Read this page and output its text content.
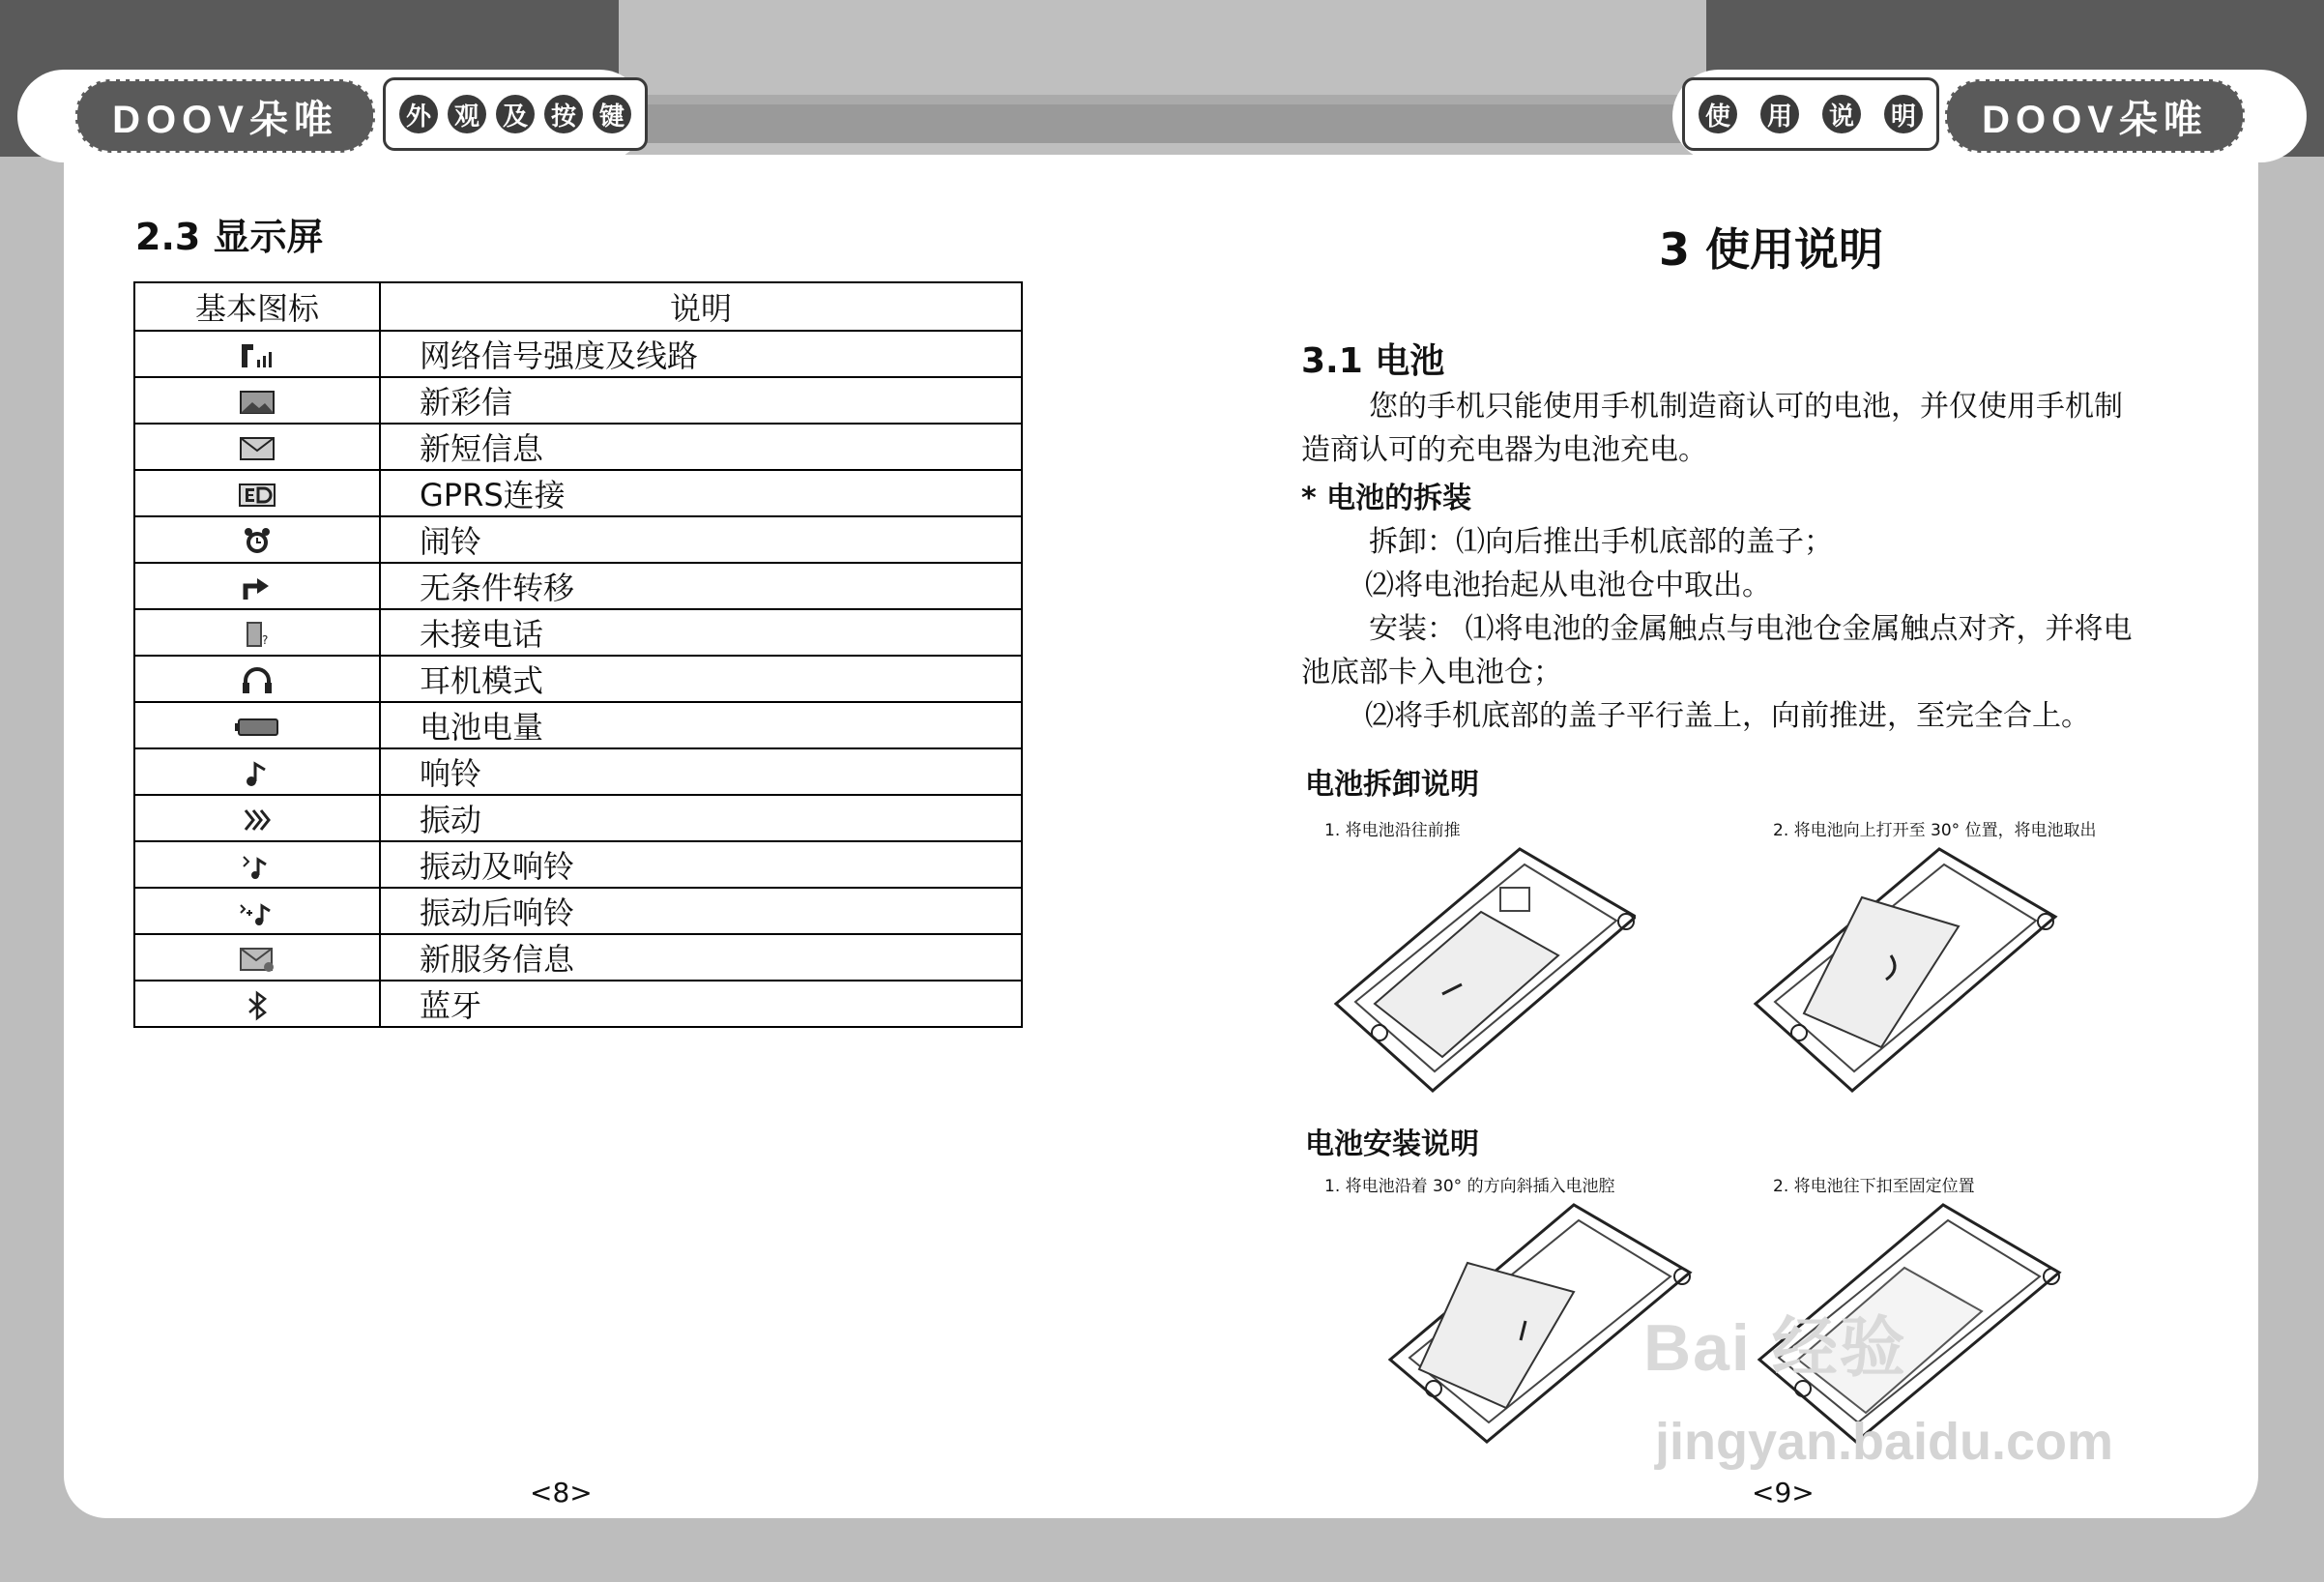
DOOV朵唯	外 观 及 按 键	使 用 说 明	DOOV朵唯
2.3 显示屏
基本图标	说明
	网络信号强度及线路
	新彩信
	新短信息
	GPRS连接
	闹铃
	无条件转移

?	未接电话
	耳机模式
	电池电量
	响铃
	振动
	振动及响铃
	振动后响铃
	新服务信息
	蓝牙
<8>
3 使用说明
3.1 电池
您的手机只能使用手机制造商认可的电池，并仅使用手机制
造商认可的充电器为电池充电。
* 电池的拆装
拆卸：⑴向后推出手机底部的盖子；
⑵将电池抬起从电池仓中取出。
安装： ⑴将电池的金属触点与电池仓金属触点对齐，并将电
池底部卡入电池仓；
⑵将手机底部的盖子平行盖上，向前推进，至完全合上。
电池拆卸说明
1. 将电池沿往前推	2. 将电池向上打开至 30° 位置，将电池取出
电池安装说明
1. 将电池沿着 30° 的方向斜插入电池腔	2. 将电池往下扣至固定位置
Bai 经验
jingyan.baidu.com
<9>
